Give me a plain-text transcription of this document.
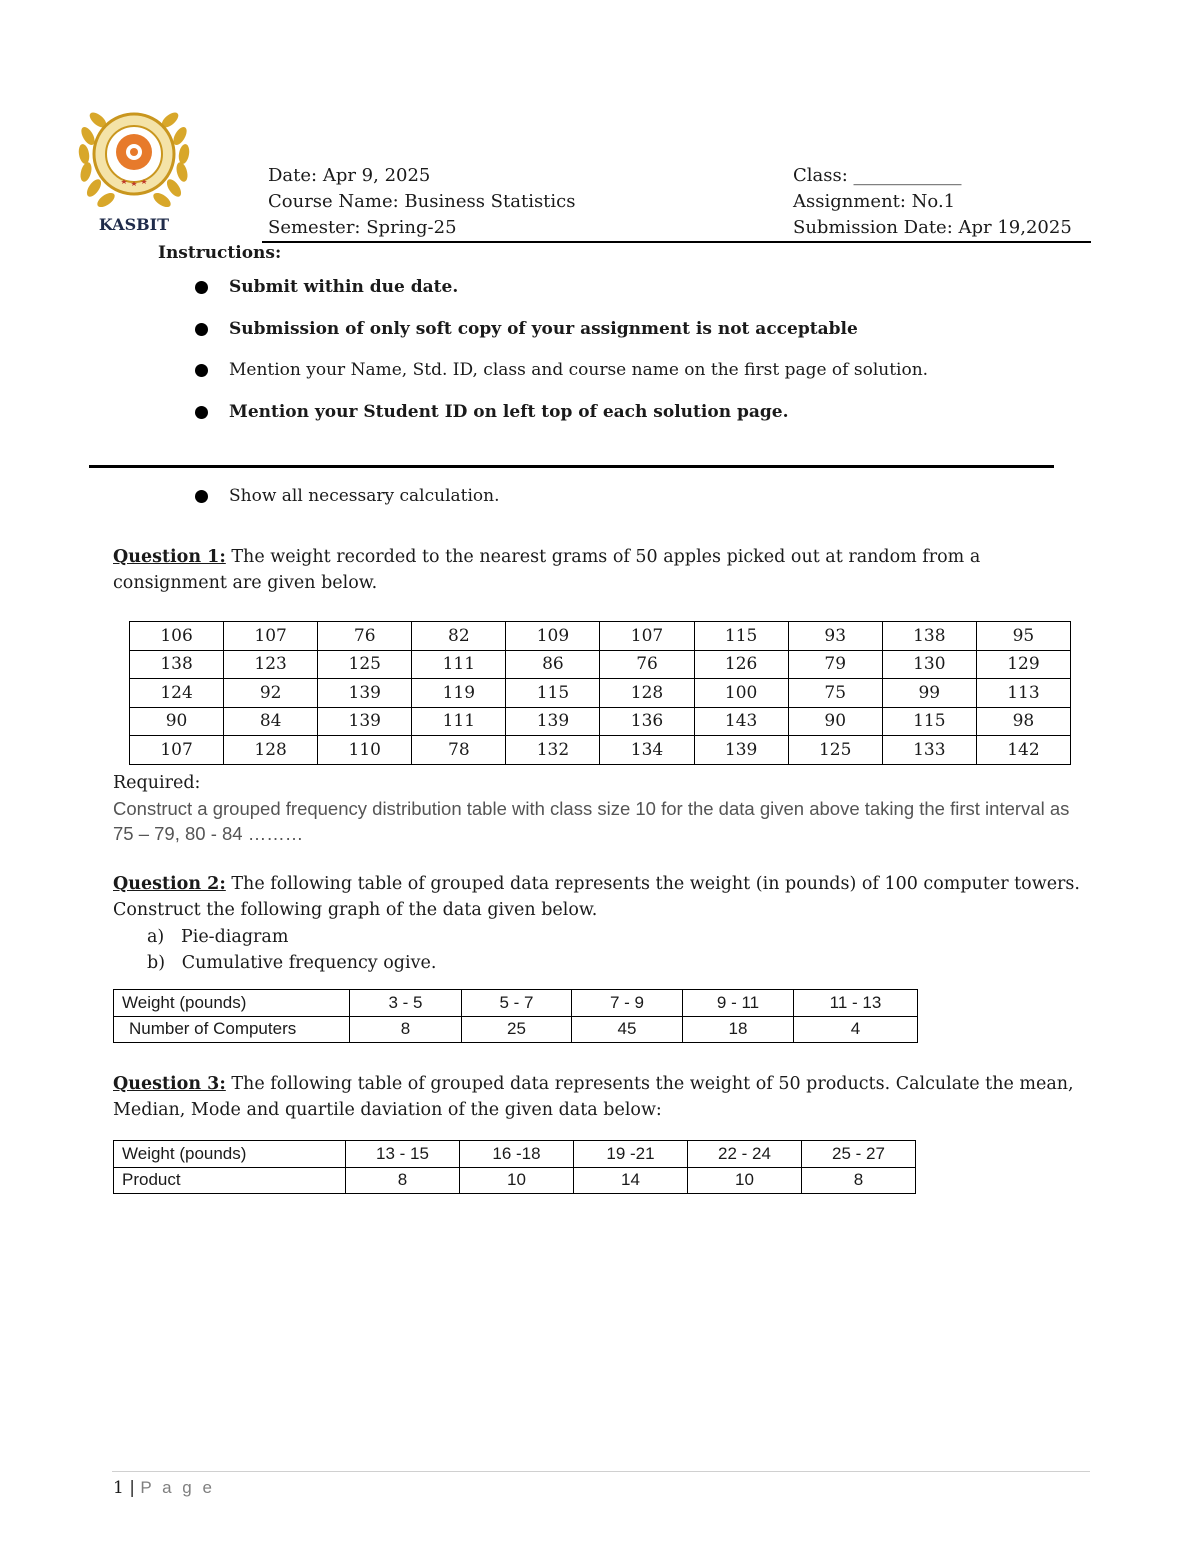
KASBIT
Date: Apr 9, 2025
Course Name: Business Statistics
Semester: Spring-25
Class: ____________
Assignment: No.1
Submission Date: Apr 19,2025
Instructions:
Submit within due date.
Submission of only soft copy of your assignment is not acceptable
Mention your Name, Std. ID, class and course name on the first page of solution.
Mention your Student ID on left top of each solution page.
Show all necessary calculation.
Question 1: The weight recorded to the nearest grams of 50 apples picked out at random from a consignment are given below.
106	107	76	82	109	107	115	93	138	95
138	123	125	111	86	76	126	79	130	129
124	92	139	119	115	128	100	75	99	113
90	84	139	111	139	136	143	90	115	98
107	128	110	78	132	134	139	125	133	142
Required:
Construct a grouped frequency distribution table with class size 10 for the data given above taking the first interval as 75 – 79, 80 - 84 ………
Question 2: The following table of grouped data represents the weight (in pounds) of 100 computer towers. Construct the following graph of the data given below.
a)   Pie-diagram
b)   Cumulative frequency ogive.
Weight (pounds)	3 - 5	5 - 7	7 - 9	9 - 11	11 - 13
Number of Computers	8	25	45	18	4
Question 3: The following table of grouped data represents the weight of 50 products. Calculate the mean, Median, Mode and quartile daviation of the given data below:
Weight (pounds)	13 - 15	16 -18	19 -21	22 - 24	25 - 27
Product	8	10	14	10	8
1 | P a g e
